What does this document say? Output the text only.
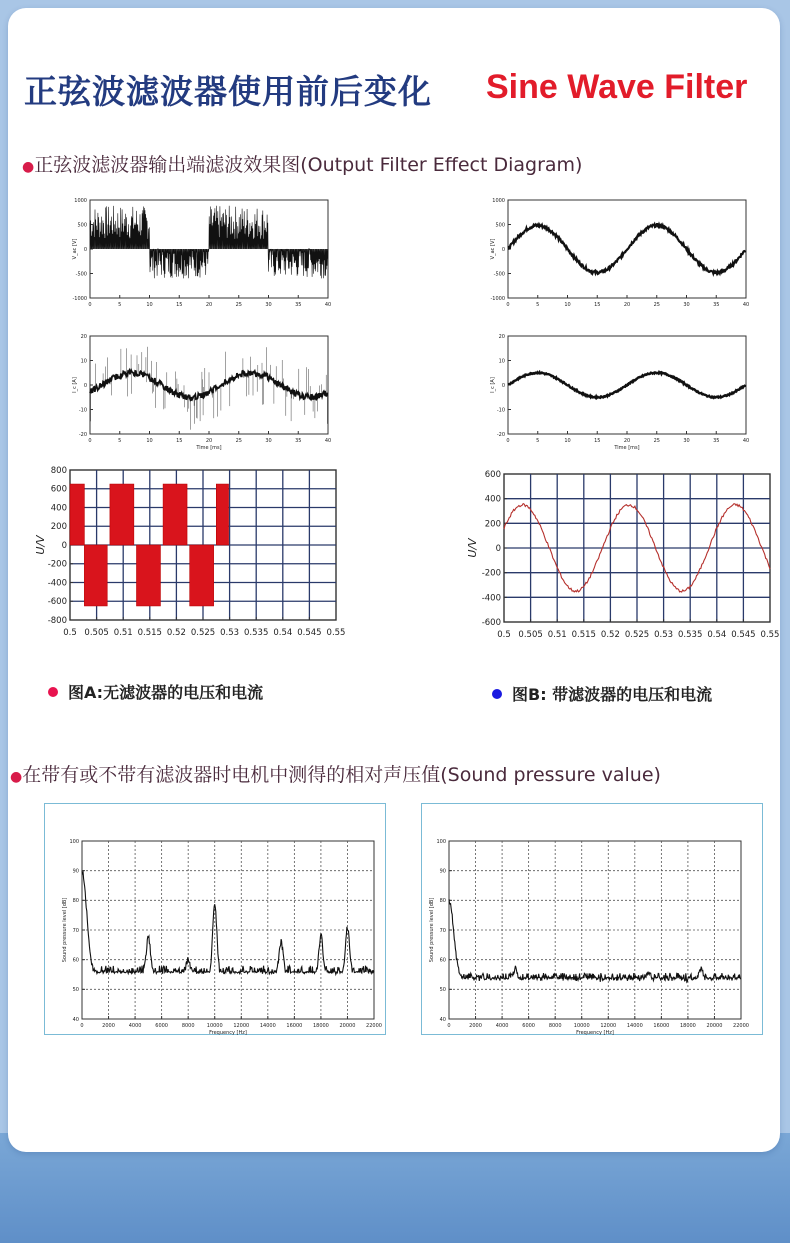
正弦波滤波器使用前后变化 Sine Wave Filter
●正弦波滤波器输出端滤波效果图(Output Filter Effect Diagram)
图A:无滤波器的电压和电流	图B: 带滤波器的电压和电流
●在带有或不带有滤波器时电机中测得的相对声压值(Sound pressure value)
0	5	10	15	20	25	30	35	40
1000
500
0
-500
-1000
V_ac [V]
0	5	10	15	20	25	30	35	40
1000
500
0
-500
-1000
V_ac [V]
0	5	10	15	20	25	30	35	40
20
10
0
-10
-20
Time [ms]
I_c [A]
0	5	10	15	20	25	30	35	40
20
10
0
-10
-20
Time [ms]
I_c [A]
0.5 0.505 0.51 0.515 0.52 0.525 0.53 0.535 0.54 0.545 0.55
800
600
400
200
0
-200
-400
-600
-800
U/V
0.5 0.505 0.51 0.515 0.52 0.525 0.53 0.535 0.54 0.545 0.55
600
400
200
0
-200
-400
-600
U/V
0	2000	4000	6000	8000 10000 12000 14000 16000 18000 20000 22000
100
90
80
70
60
50
40
Frequency [Hz]
Sound pressure level [dB]
0	2000	4000	6000	8000 10000 12000 14000 16000 18000 20000 22000
100
90
80
70
60
50
40
Frequency [Hz]
Sound pressure level [dB]
